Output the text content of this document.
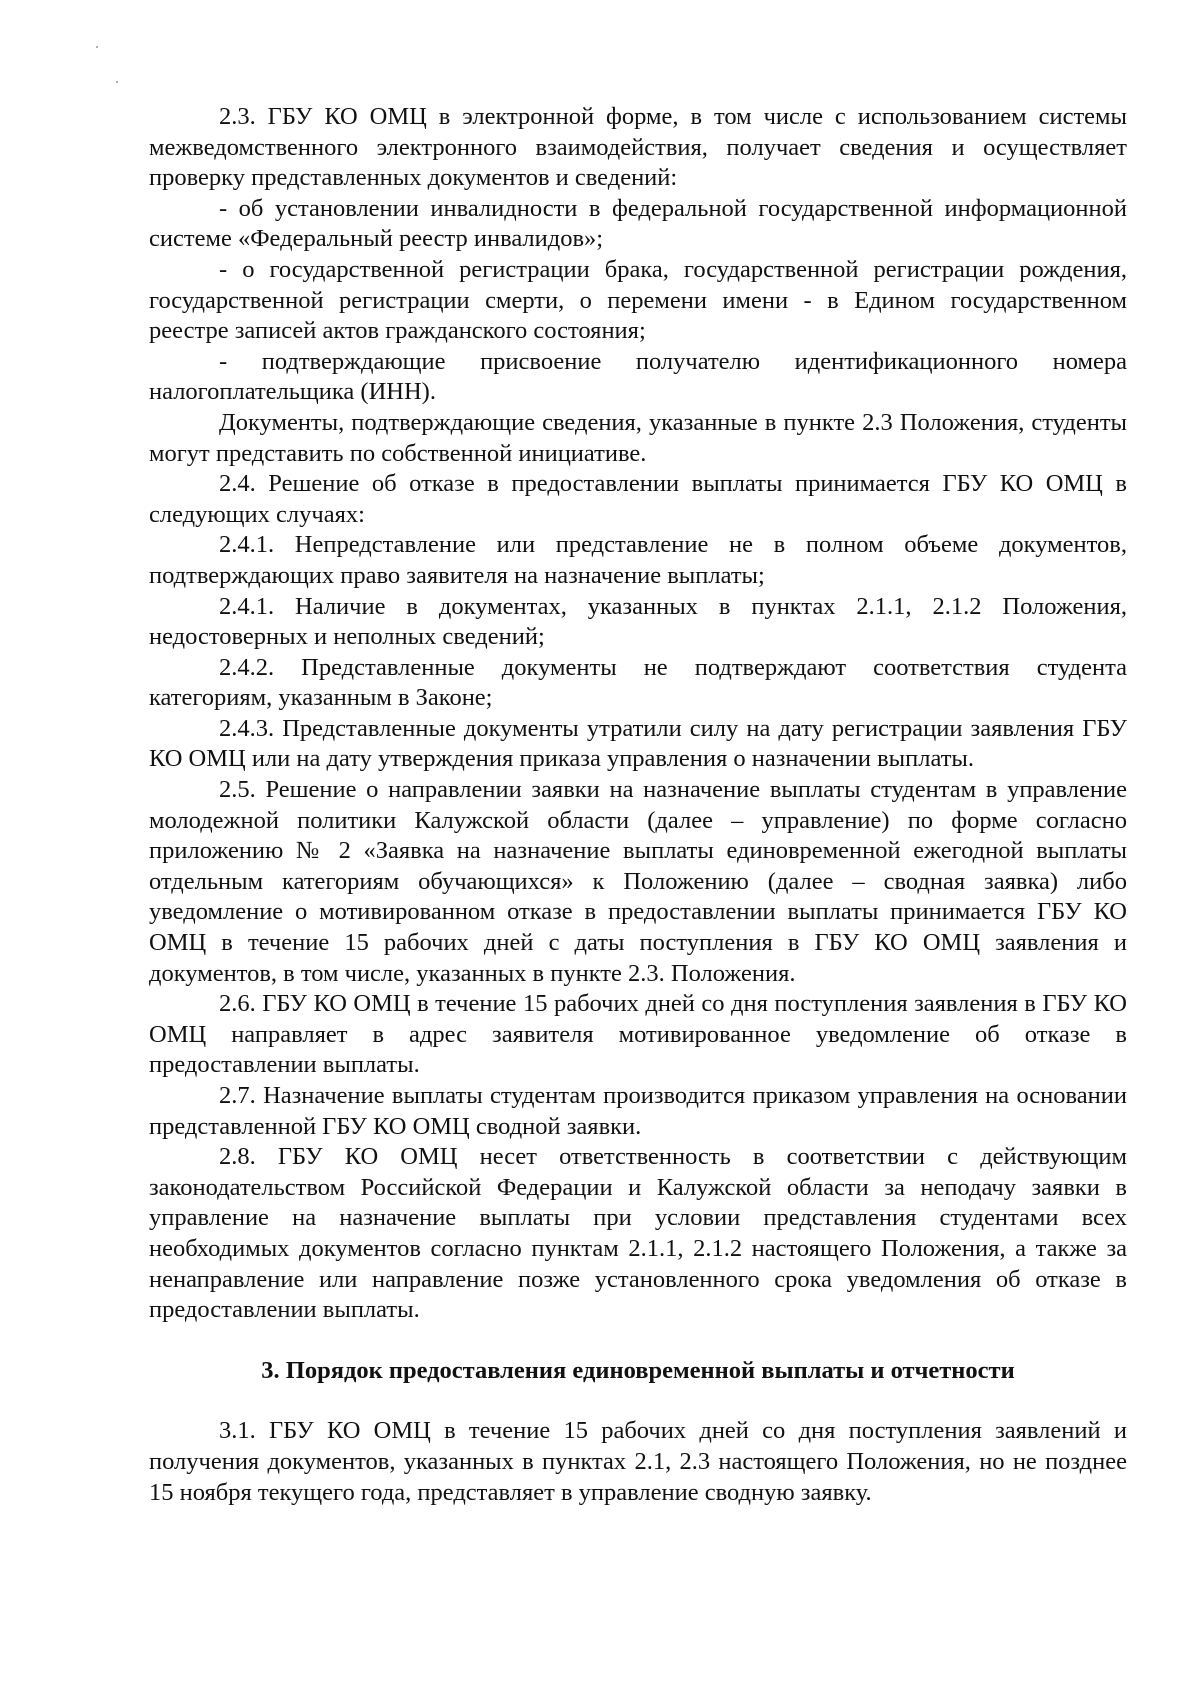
2.3. ГБУ КО ОМЦ в электронной форме, в том числе с использованием системы межведомственного электронного взаимодействия, получает сведения и осуществляет проверку представленных документов и сведений:

- об установлении инвалидности в федеральной государственной информационной системе «Федеральный реестр инвалидов»;

- о государственной регистрации брака, государственной регистрации рождения, государственной регистрации смерти, о перемени имени - в Едином государственном реестре записей актов гражданского состояния;

- подтверждающие присвоение получателю идентификационного номера налогоплательщика (ИНН).

Документы, подтверждающие сведения, указанные в пункте 2.3 Положения, студенты могут представить по собственной инициативе.

2.4. Решение об отказе в предоставлении выплаты принимается ГБУ КО ОМЦ в следующих случаях:

2.4.1. Непредставление или представление не в полном объеме документов, подтверждающих право заявителя на назначение выплаты;

2.4.1. Наличие в документах, указанных в пунктах 2.1.1, 2.1.2 Положения, недостоверных и неполных сведений;

2.4.2. Представленные документы не подтверждают соответствия студента категориям, указанным в Законе;

2.4.3. Представленные документы утратили силу на дату регистрации заявления ГБУ КО ОМЦ или на дату утверждения приказа управления о назначении выплаты.

2.5. Решение о направлении заявки на назначение выплаты студентам в управление молодежной политики Калужской области (далее – управление) по форме согласно приложению № 2 «Заявка на назначение выплаты единовременной ежегодной выплаты отдельным категориям обучающихся» к Положению (далее – сводная заявка) либо уведомление о мотивированном отказе в предоставлении выплаты принимается ГБУ КО ОМЦ в течение 15 рабочих дней с даты поступления в ГБУ КО ОМЦ заявления и документов, в том числе, указанных в пункте 2.3. Положения.

2.6. ГБУ КО ОМЦ в течение 15 рабочих дней со дня поступления заявления в ГБУ КО ОМЦ направляет в адрес заявителя мотивированное уведомление об отказе в предоставлении выплаты.

2.7. Назначение выплаты студентам производится приказом управления на основании представленной ГБУ КО ОМЦ сводной заявки.

2.8. ГБУ КО ОМЦ несет ответственность в соответствии с действующим законодательством Российской Федерации и Калужской области за неподачу заявки в управление на назначение выплаты при условии представления студентами всех необходимых документов согласно пунктам 2.1.1, 2.1.2 настоящего Положения, а также за ненаправление или направление позже установленного срока уведомления об отказе в предоставлении выплаты.

3. Порядок предоставления единовременной выплаты и отчетности

3.1. ГБУ КО ОМЦ в течение 15 рабочих дней со дня поступления заявлений и получения документов, указанных в пунктах 2.1, 2.3 настоящего Положения, но не позднее 15 ноября текущего года, представляет в управление сводную заявку.
